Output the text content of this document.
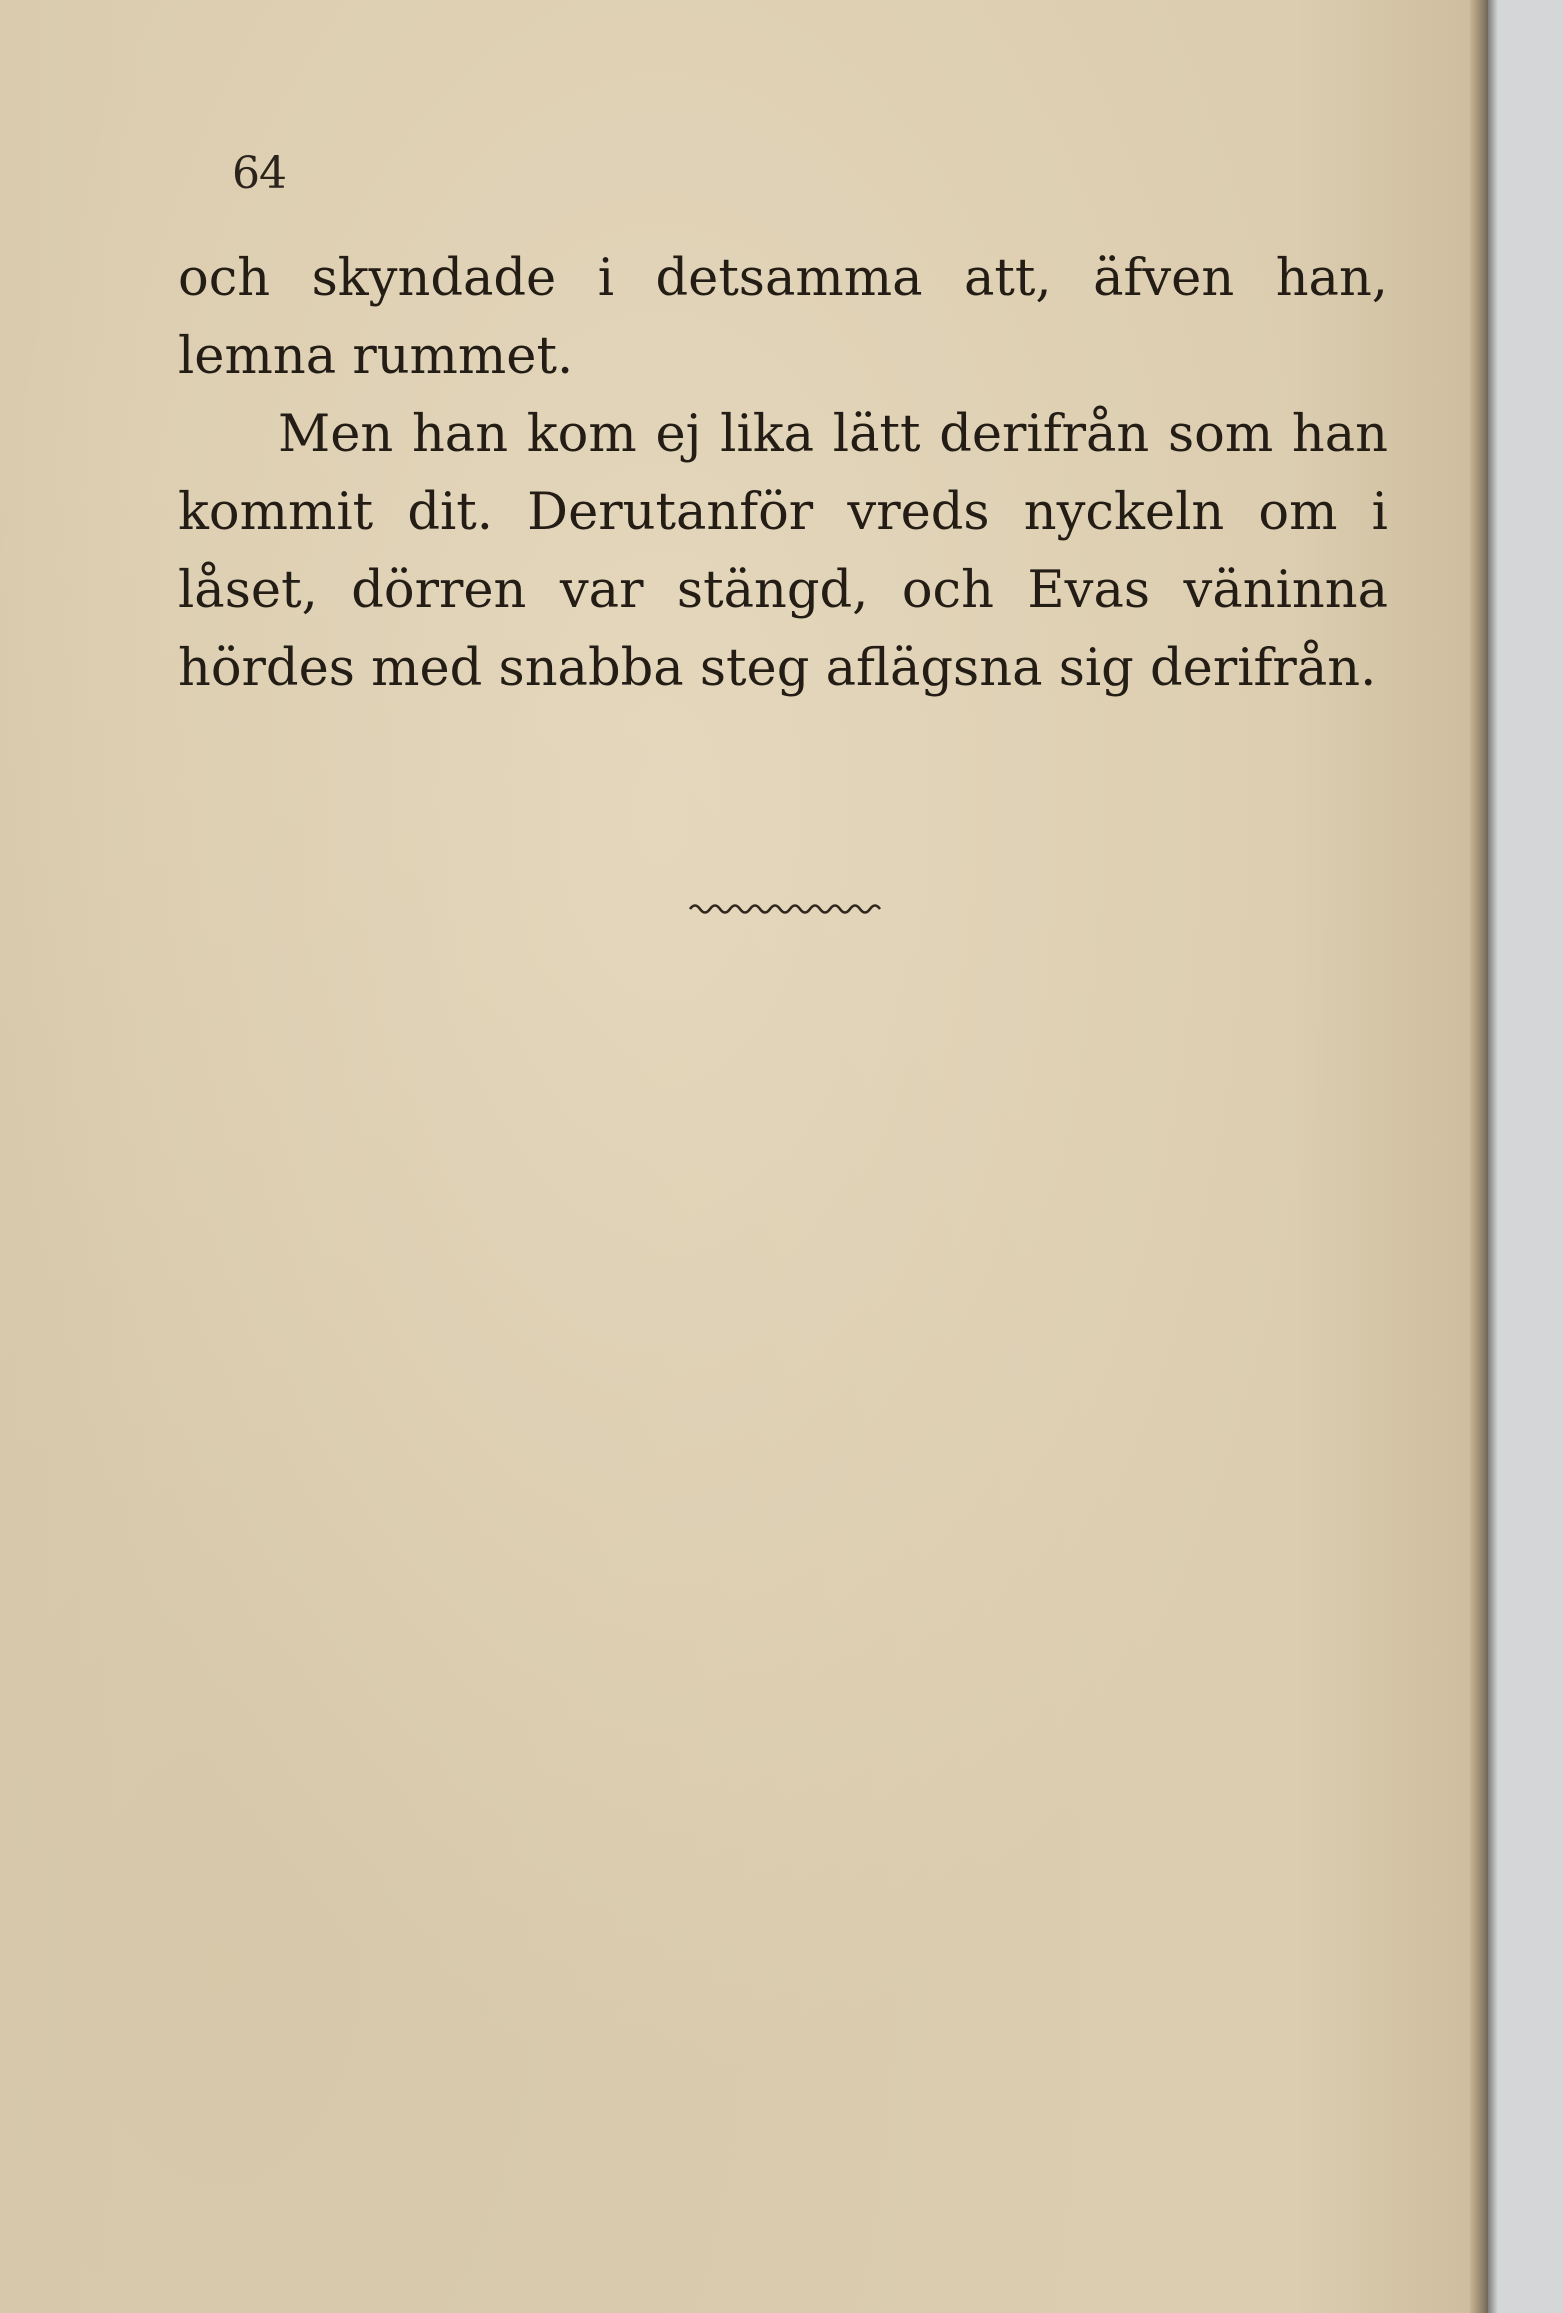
64

och skyndade i detsamma att, äfven han, lemna rummet.

Men han kom ej lika lätt derifrån som han kommit dit. Derutanför vreds nyckeln om i låset, dörren var stängd, och Evas väninna hördes med snabba steg aflägsna sig derifrån.
